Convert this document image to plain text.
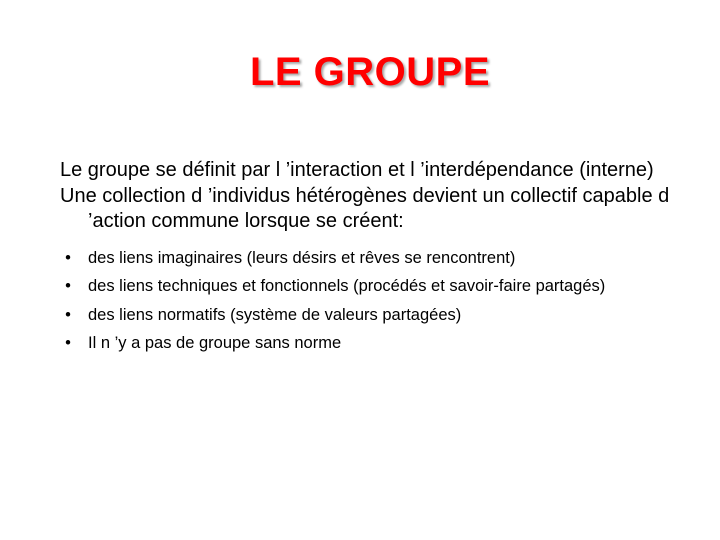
LE GROUPE

Le groupe se définit par l ’interaction et l ’interdépendance (interne)

Une collection d ’individus hétérogènes devient un collectif capable d ’action commune lorsque se créent:

•	des liens imaginaires (leurs désirs et rêves se rencontrent)
•	des liens techniques et fonctionnels (procédés et savoir-faire partagés)
•	des liens normatifs (système de valeurs partagées)
•	Il n ’y a pas de groupe sans norme
